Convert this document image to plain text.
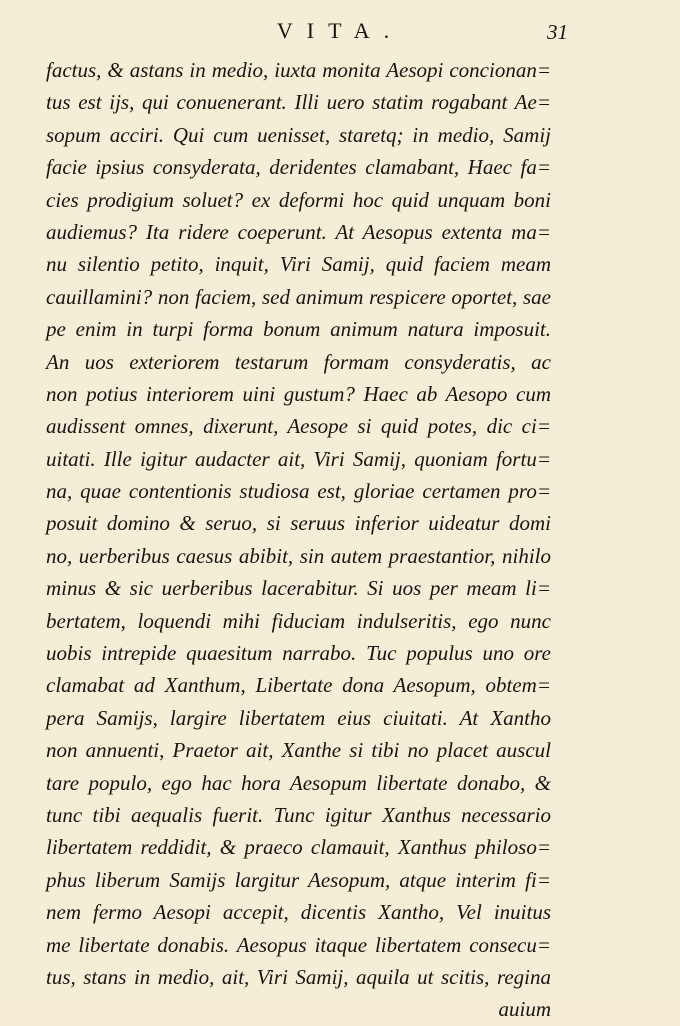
VITA.	31
factus, & astans in medio, iuxta monita Aesopi concionan=
tus est ijs, qui conuenerant. Illi uero statim rogabant Ae=
sopum acciri. Qui cum uenisset, staretq; in medio, Samij
facie ipsius consyderata, deridentes clamabant, Haec fa=
cies prodigium soluet? ex deformi hoc quid unquam boni
audiemus? Ita ridere coeperunt. At Aesopus extenta ma=
nu silentio petito, inquit, Viri Samij, quid faciem meam
cauillamini? non faciem, sed animum respicere oportet, sae
pe enim in turpi forma bonum animum natura imposuit.
An uos exteriorem testarum formam consyderatis, ac
non potius interiorem uini gustum? Haec ab Aesopo cum
audissent omnes, dixerunt, Aesope si quid potes, dic ci=
uitati. Ille igitur audacter ait, Viri Samij, quoniam fortu=
na, quae contentionis studiosa est, gloriae certamen pro=
posuit domino & seruo, si seruus inferior uideatur domi
no, uerberibus caesus abibit, sin autem praestantior, nihilo
minus & sic uerberibus lacerabitur. Si uos per meam li=
bertatem, loquendi mihi fiduciam indulseritis, ego nunc
uobis intrepide quaesitum narrabo. Tuc populus uno ore
clamabat ad Xanthum, Libertate dona Aesopum, obtem=
pera Samijs, largire libertatem eius ciuitati. At Xantho
non annuenti, Praetor ait, Xanthe si tibi no placet auscul
tare populo, ego hac hora Aesopum libertate donabo, &
tunc tibi aequalis fuerit. Tunc igitur Xanthus necessario
libertatem reddidit, & praeco clamauit, Xanthus philoso=
phus liberum Samijs largitur Aesopum, atque interim fi=
nem fermo Aesopi accepit, dicentis Xantho, Vel inuitus
me libertate donabis. Aesopus itaque libertatem consecu=
tus, stans in medio, ait, Viri Samij, aquila ut scitis, regina
auium
